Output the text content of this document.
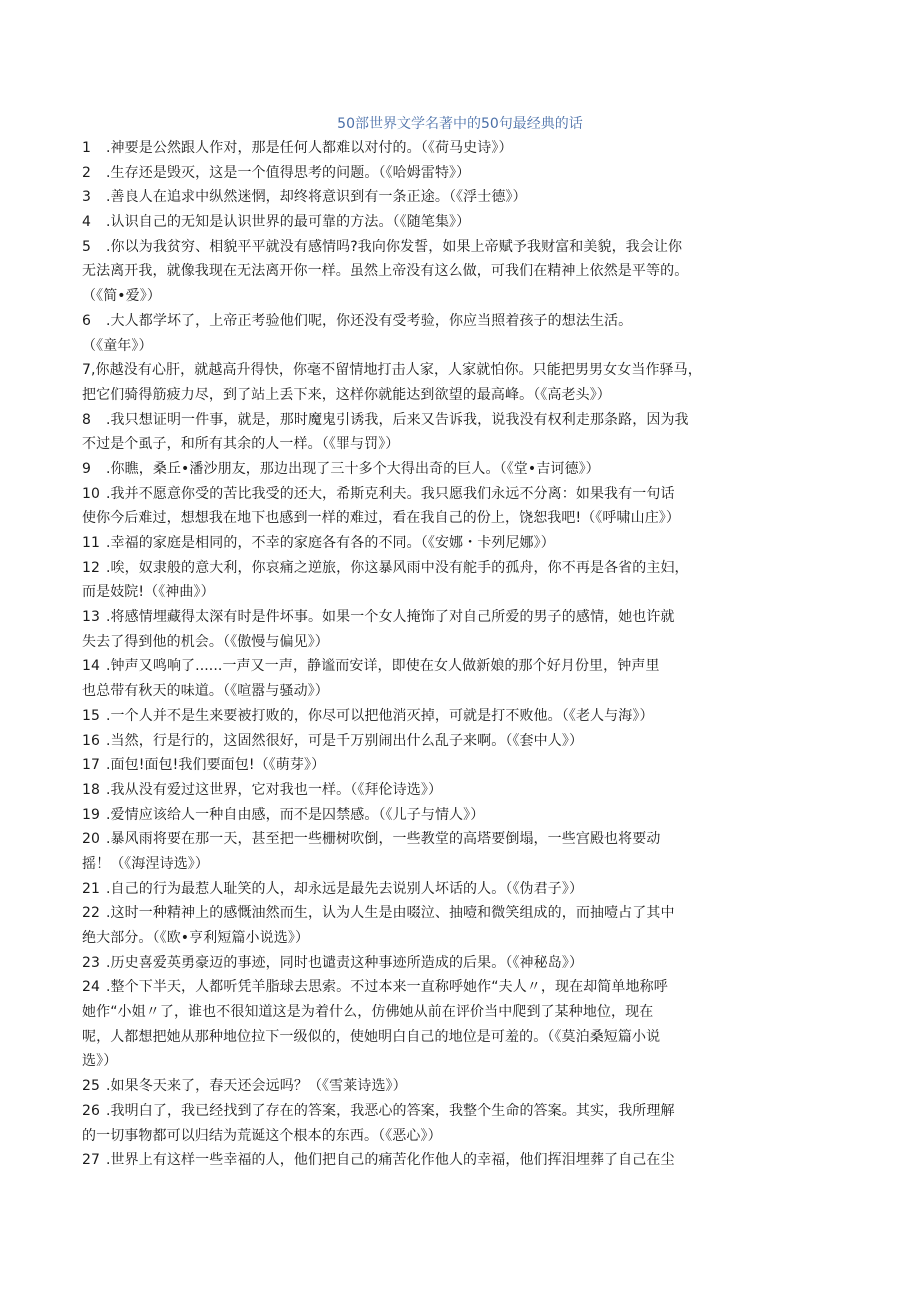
50部世界文学名著中的50句最经典的话
1 .神要是公然跟人作对，那是任何人都难以对付的。（《荷马史诗》）
2 .生存还是毁灭，这是一个值得思考的问题。（《哈姆雷特》）
3 .善良人在追求中纵然迷惘，却终将意识到有一条正途。（《浮士德》）
4 .认识自己的无知是认识世界的最可靠的方法。（《随笔集》）
5 .你以为我贫穷、相貌平平就没有感情吗?我向你发誓，如果上帝赋予我财富和美貌，我会让你
无法离开我，就像我现在无法离开你一样。虽然上帝没有这么做，可我们在精神上依然是平等的。
（《简•爱》）
6 .大人都学坏了，上帝正考验他们呢，你还没有受考验，你应当照着孩子的想法生活。
（《童年》）
7,你越没有心肝，就越高升得快，你毫不留情地打击人家，人家就怕你。只能把男男女女当作驿马，
把它们骑得筋疲力尽，到了站上丢下来，这样你就能达到欲望的最高峰。（《高老头》）
8 .我只想证明一件事，就是，那时魔鬼引诱我，后来又告诉我，说我没有权利走那条路，因为我
不过是个虱子，和所有其余的人一样。（《罪与罚》）
9 .你瞧，桑丘•潘沙朋友，那边出现了三十多个大得出奇的巨人。（《堂•吉诃德》）
10 .我并不愿意你受的苦比我受的还大，希斯克利夫。我只愿我们永远不分离：如果我有一句话
使你今后难过，想想我在地下也感到一样的难过，看在我自己的份上，饶恕我吧!（《呼啸山庄》）
11 .幸福的家庭是相同的，不幸的家庭各有各的不同。（《安娜・卡列尼娜》）
12 .唉，奴隶般的意大利，你哀痛之逆旅，你这暴风雨中没有舵手的孤舟，你不再是各省的主妇，
而是妓院!（《神曲》）
13 .将感情埋藏得太深有时是件坏事。如果一个女人掩饰了对自己所爱的男子的感情，她也许就
失去了得到他的机会。（《傲慢与偏见》）
14 .钟声又鸣响了......一声又一声，静谧而安详，即使在女人做新娘的那个好月份里，钟声里
也总带有秋天的味道。（《喧嚣与骚动》）
15 .一个人并不是生来要被打败的，你尽可以把他消灭掉，可就是打不败他。（《老人与海》）
16 .当然，行是行的，这固然很好，可是千万别闹出什么乱子来啊。（《套中人》）
17 .面包!面包!我们要面包!（《萌芽》）
18 .我从没有爱过这世界，它对我也一样。（《拜伦诗选》）
19 .爱情应该给人一种自由感，而不是囚禁感。（《儿子与情人》）
20 .暴风雨将要在那一天，甚至把一些栅树吹倒，一些教堂的高塔要倒塌，一些宫殿也将要动
摇！（《海涅诗选》）
21 .自己的行为最惹人耻笑的人，却永远是最先去说别人坏话的人。（《伪君子》）
22 .这时一种精神上的感慨油然而生，认为人生是由啜泣、抽噎和微笑组成的，而抽噎占了其中
绝大部分。（《欧•亨利短篇小说选》）
23 .历史喜爱英勇豪迈的事迹，同时也谴责这种事迹所造成的后果。（《神秘岛》）
24 .整个下半天，人都听凭羊脂球去思索。不过本来一直称呼她作“夫人〃，现在却简单地称呼
她作“小姐〃了，谁也不很知道这是为着什么，仿佛她从前在评价当中爬到了某种地位，现在
呢，人都想把她从那种地位拉下一级似的，使她明白自己的地位是可羞的。（《莫泊桑短篇小说
选》）
25 .如果冬天来了，春天还会远吗？（《雪莱诗选》）
26 .我明白了，我已经找到了存在的答案，我恶心的答案，我整个生命的答案。其实，我所理解
的一切事物都可以归结为荒诞这个根本的东西。（《恶心》）
27 .世界上有这样一些幸福的人，他们把自己的痛苦化作他人的幸福，他们挥泪埋葬了自己在尘
